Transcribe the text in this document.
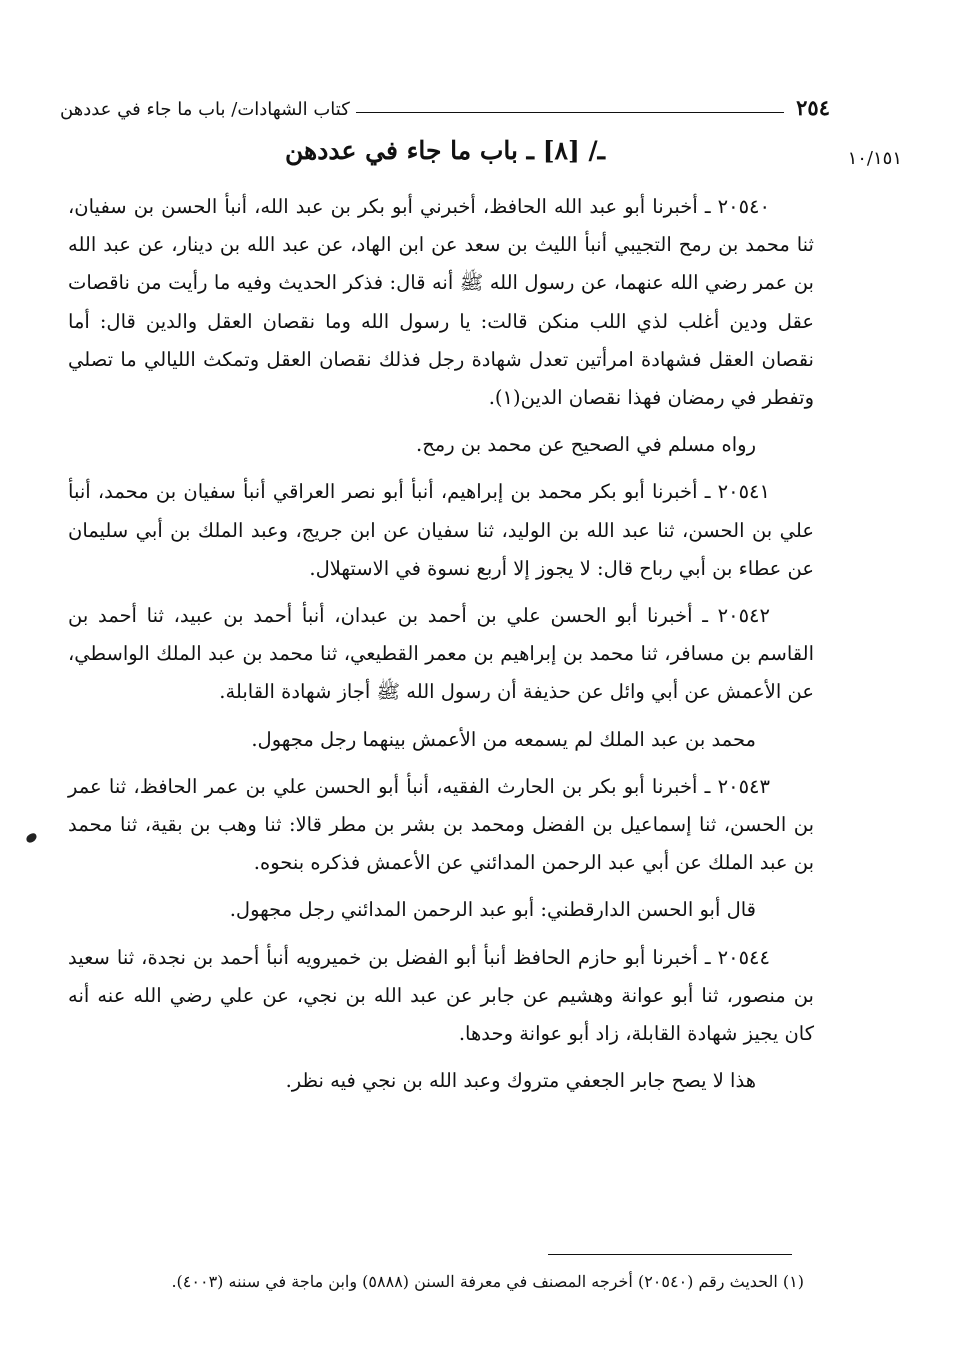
٢٥٤
كتاب الشهادات/ باب ما جاء في عددهن
١٠/١٥١
ـ/ [٨] ـ باب ما جاء في عددهن

٢٠٥٤٠ ـ أخبرنا أبو عبد الله الحافظ، أخبرني أبو بكر بن عبد الله، أنبأ الحسن بن سفيان، ثنا محمد بن رمح التجيبي أنبأ الليث بن سعد عن ابن الهاد، عن عبد الله بن دينار، عن عبد الله بن عمر رضي الله عنهما، عن رسول الله ﷺ أنه قال: فذكر الحديث وفيه ما رأيت من ناقصات عقل ودين أغلب لذي اللب منكن قالت: يا رسول الله وما نقصان العقل والدين قال: أما نقصان العقل فشهادة امرأتين تعدل شهادة رجل فذلك نقصان العقل وتمكث الليالي ما تصلي وتفطر في رمضان فهذا نقصان الدين(١).

رواه مسلم في الصحيح عن محمد بن رمح.

٢٠٥٤١ ـ أخبرنا أبو بكر محمد بن إبراهيم، أنبأ أبو نصر العراقي أنبأ سفيان بن محمد، أنبأ علي بن الحسن، ثنا عبد الله بن الوليد، ثنا سفيان عن ابن جريج، وعبد الملك بن أبي سليمان عن عطاء بن أبي رباح قال: لا يجوز إلا أربع نسوة في الاستهلال.

٢٠٥٤٢ ـ أخبرنا أبو الحسن علي بن أحمد بن عبدان، أنبأ أحمد بن عبيد، ثنا أحمد بن القاسم بن مسافر، ثنا محمد بن إبراهيم بن معمر القطيعي، ثنا محمد بن عبد الملك الواسطي، عن الأعمش عن أبي وائل عن حذيفة أن رسول الله ﷺ أجاز شهادة القابلة.

محمد بن عبد الملك لم يسمعه من الأعمش بينهما رجل مجهول.

٢٠٥٤٣ ـ أخبرنا أبو بكر بن الحارث الفقيه، أنبأ أبو الحسن علي بن عمر الحافظ، ثنا عمر بن الحسن، ثنا إسماعيل بن الفضل ومحمد بن بشر بن مطر قالا: ثنا وهب بن بقية، ثنا محمد بن عبد الملك عن أبي عبد الرحمن المدائني عن الأعمش فذكره بنحوه.

قال أبو الحسن الدارقطني: أبو عبد الرحمن المدائني رجل مجهول.

٢٠٥٤٤ ـ أخبرنا أبو حازم الحافظ أنبأ أبو الفضل بن خميرويه أنبأ أحمد بن نجدة، ثنا سعيد بن منصور، ثنا أبو عوانة وهشيم عن جابر عن عبد الله بن نجي، عن علي رضي الله عنه أنه كان يجيز شهادة القابلة، زاد أبو عوانة وحدها.

هذا لا يصح جابر الجعفي متروك وعبد الله بن نجي فيه نظر.

(١) الحديث رقم (٢٠٥٤٠) أخرجه المصنف في معرفة السنن (٥٨٨٨) وابن ماجة في سننه (٤٠٠٣).
